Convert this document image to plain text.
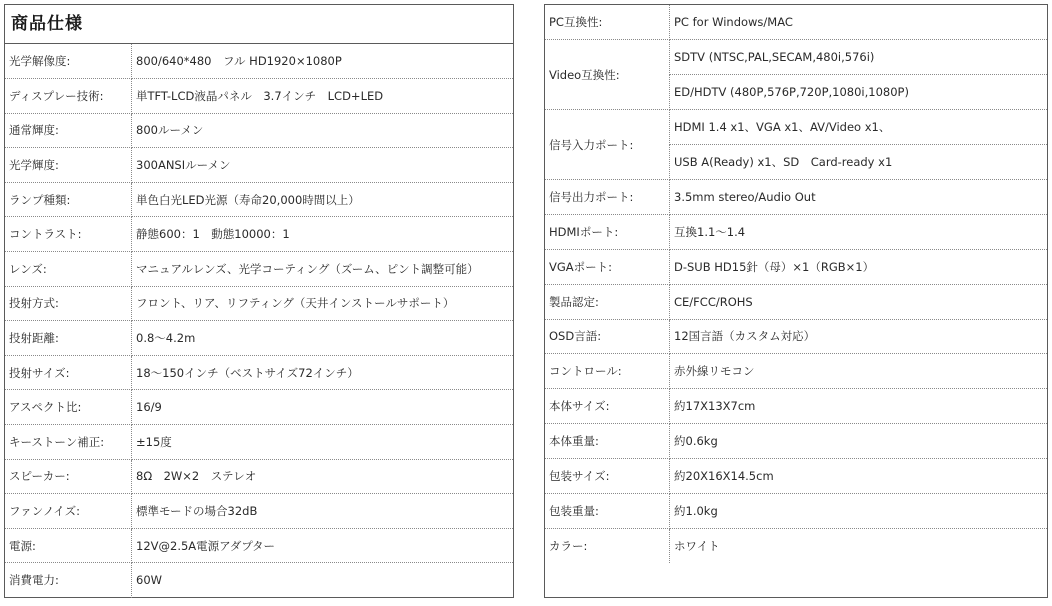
商品仕様
光学解像度:	800/640*480　フル HD1920×1080P
ディスプレー技術:	単TFT-LCD液晶パネル　3.7インチ　LCD+LED
通常輝度:	800ルーメン
光学輝度:	300ANSIルーメン
ランプ種類:	単色白光LED光源（寿命20,000時間以上）
コントラスト:	静態600：1　動態10000：1
レンズ:	マニュアルレンズ、光学コーティング（ズーム、ピント調整可能）
投射方式:	フロント、リア、リフティング（天井インストールサポート）
投射距離:	0.8～4.2m
投射サイズ:	18～150インチ（ベストサイズ72インチ）
アスペクト比:	16/9
キーストーン補正:	±15度
スピーカー:	8Ω　2W×2　ステレオ
ファンノイズ:	標準モードの場合32dB
電源:	12V@2.5A電源アダプター
消費電力:	60W
PC互換性:	PC for Windows/MAC
Video互換性:	SDTV (NTSC,PAL,SECAM,480i,576i)
	ED/HDTV (480P,576P,720P,1080i,1080P)
信号入力ポート:	HDMI 1.4 x1、VGA x1、AV/Video x1、
	USB A(Ready) x1、SD　Card-ready x1
信号出力ポート:	3.5mm stereo/Audio Out
HDMIポート:	互換1.1～1.4
VGAポート:	D-SUB HD15針（母）×1（RGB×1）
製品認定:	CE/FCC/ROHS
OSD言語:	12国言語（カスタム対応）
コントロール:	赤外線リモコン
本体サイズ:	約17X13X7cm
本体重量:	約0.6kg
包装サイズ:	約20X16X14.5cm
包装重量:	約1.0kg
カラー:	ホワイト
